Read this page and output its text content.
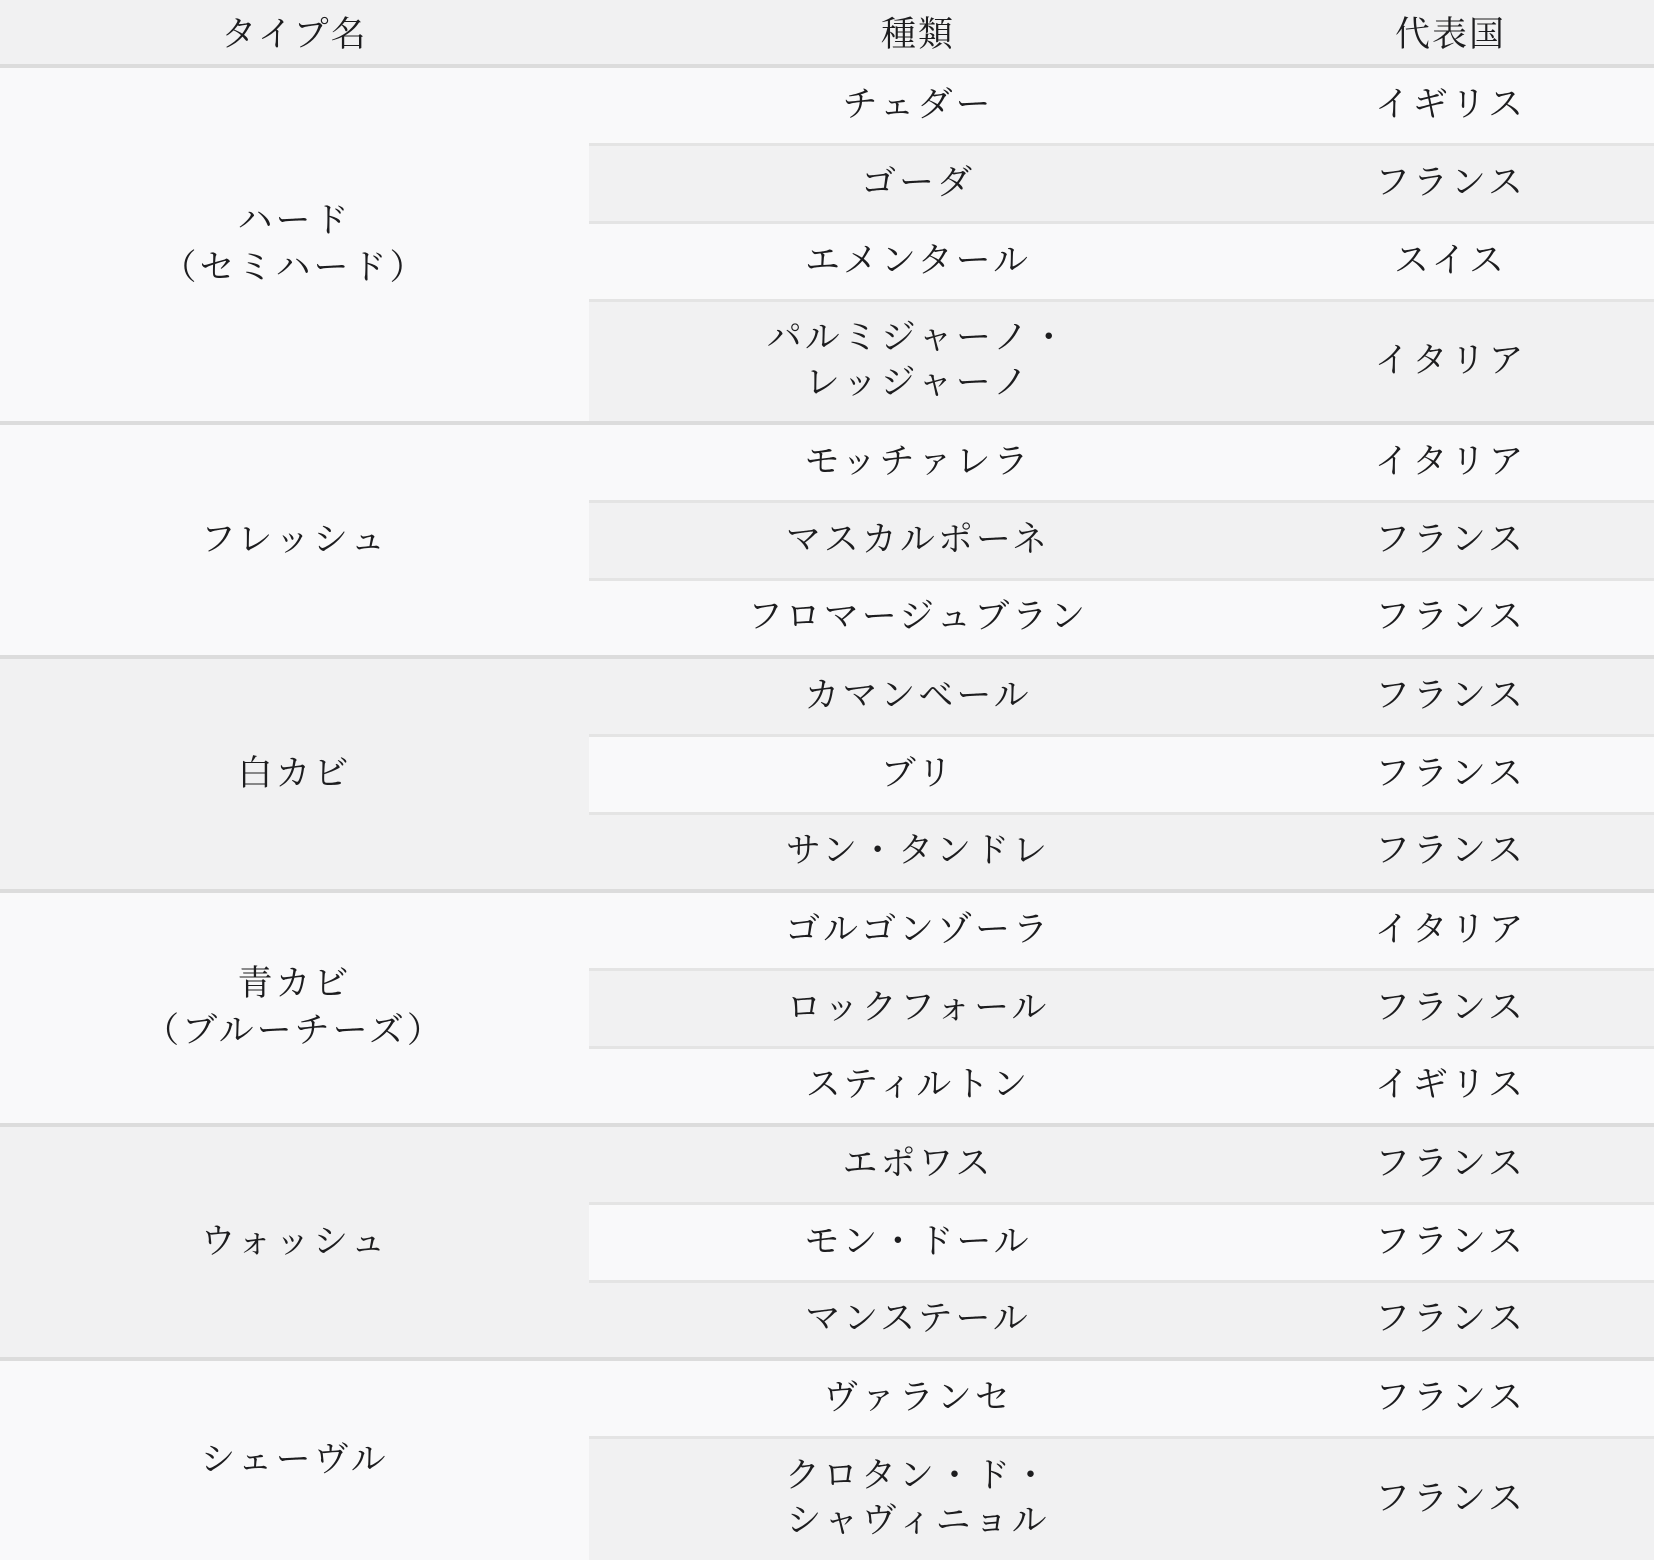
タイプ名	種類	代表国

ハード
（セミハード）	チェダー	イギリス

	ゴーダ	フランス

	エメンタール	スイス

	パルミジャーノ・
レッジャーノ	イタリア

フレッシュ	モッチァレラ	イタリア

	マスカルポーネ	フランス

	フロマージュブラン	フランス

白カビ	カマンベール	フランス

	ブリ	フランス

	サン・タンドレ	フランス

青カビ
（ブルーチーズ）	ゴルゴンゾーラ	イタリア

	ロックフォール	フランス

	スティルトン	イギリス

ウォッシュ	エポワス	フランス

	モン・ドール	フランス

	マンステール	フランス

シェーヴル	ヴァランセ	フランス

	クロタン・ド・
シャヴィニョル	フランス
